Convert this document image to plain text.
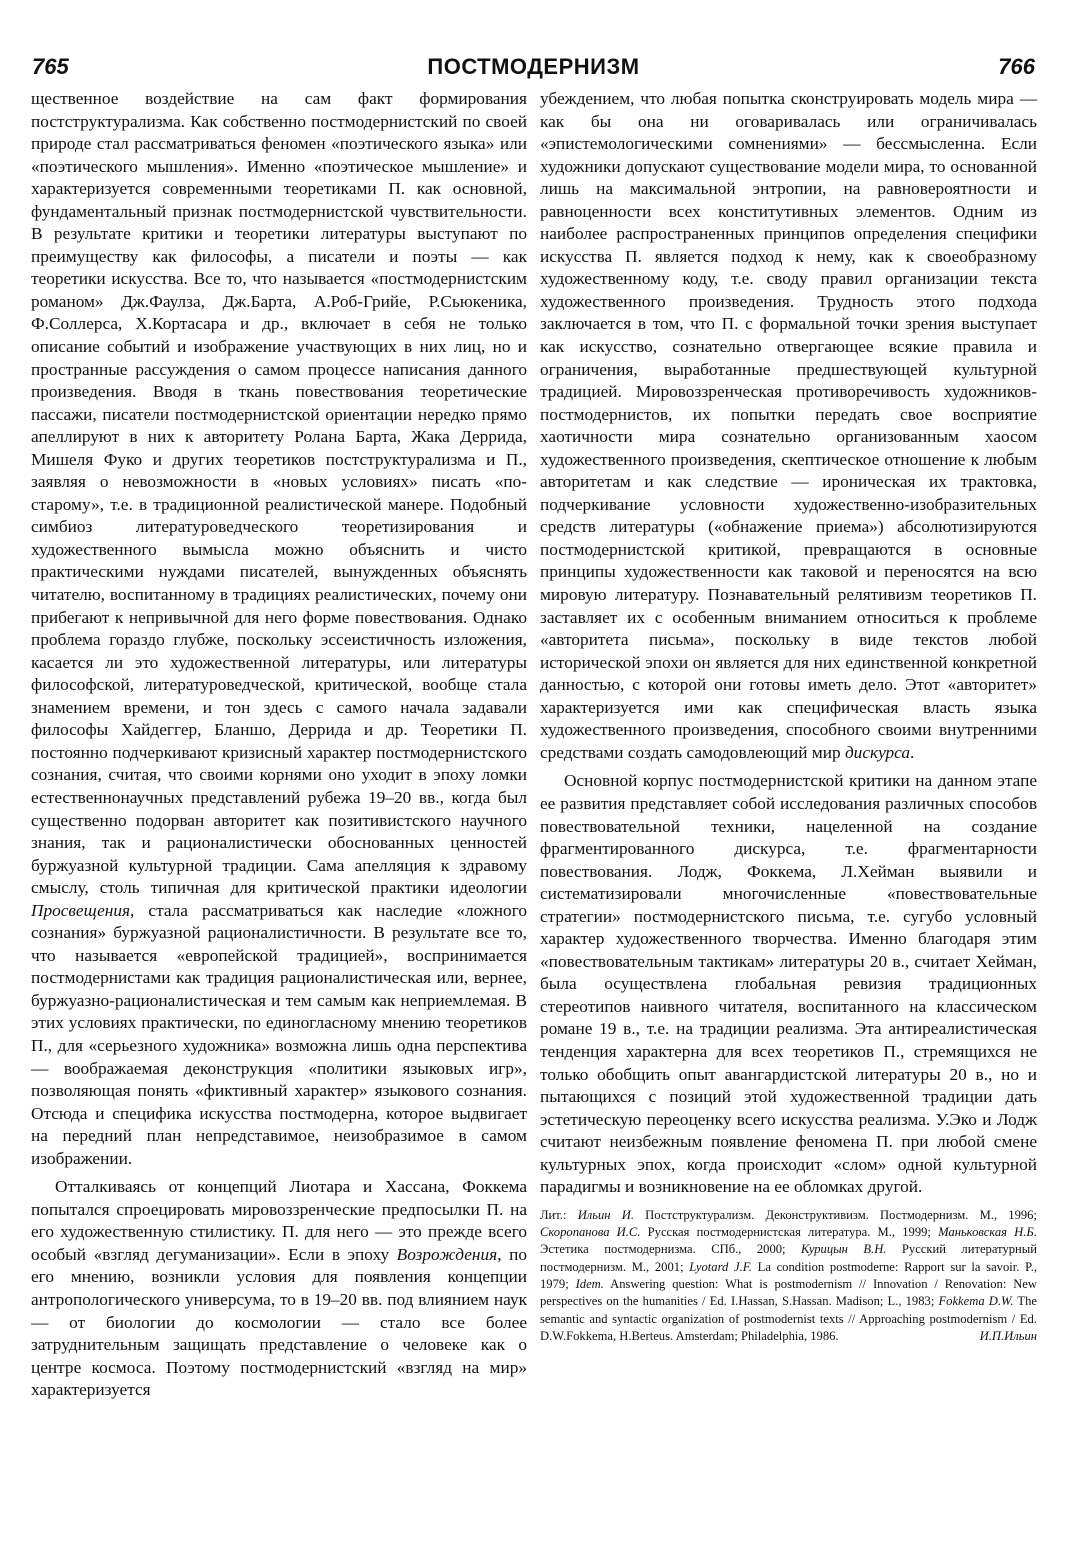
765	ПОСТМОДЕРНИЗМ	766

щественное воздействие на сам факт формирования постструктурализма. Как собственно постмодернистский по своей природе стал рассматриваться феномен «поэтического языка» или «поэтического мышления». Именно «поэтическое мышление» и характеризуется современными теоретиками П. как основной, фундаментальный признак постмодернистской чувствительности. В результате критики и теоретики литературы выступают по преимуществу как философы, а писатели и поэты — как теоретики искусства. Все то, что называется «постмодернистским романом» Дж.Фаулза, Дж.Барта, А.Роб-Грийе, Р.Сьюкеника, Ф.Соллерса, Х.Кортасара и др., включает в себя не только описание событий и изображение участвующих в них лиц, но и пространные рассуждения о самом процессе написания данного произведения. Вводя в ткань повествования теоретические пассажи, писатели постмодернистской ориентации нередко прямо апеллируют в них к авторитету Ролана Барта, Жака Деррида, Мишеля Фуко и других теоретиков постструктурализма и П., заявляя о невозможности в «новых условиях» писать «по-старому», т.е. в традиционной реалистической манере. Подобный симбиоз литературоведческого теоретизирования и художественного вымысла можно объяснить и чисто практическими нуждами писателей, вынужденных объяснять читателю, воспитанному в традициях реалистических, почему они прибегают к непривычной для него форме повествования. Однако проблема гораздо глубже, поскольку эссеистичность изложения, касается ли это художественной литературы, или литературы философской, литературоведческой, критической, вообще стала знамением времени, и тон здесь с самого начала задавали философы Хайдеггер, Бланшо, Деррида и др. Теоретики П. постоянно подчеркивают кризисный характер постмодернистского сознания, считая, что своими корнями оно уходит в эпоху ломки естественнонаучных представлений рубежа 19–20 вв., когда был существенно подорван авторитет как позитивистского научного знания, так и рационалистически обоснованных ценностей буржуазной культурной традиции. Сама апелляция к здравому смыслу, столь типичная для критической практики идеологии Просвещения, стала рассматриваться как наследие «ложного сознания» буржуазной рационалистичности. В результате все то, что называется «европейской традицией», воспринимается постмодернистами как традиция рационалистическая или, вернее, буржуазно-рационалистическая и тем самым как неприемлемая. В этих условиях практически, по единогласному мнению теоретиков П., для «серьезного художника» возможна лишь одна перспектива — воображаемая деконструкция «политики языковых игр», позволяющая понять «фиктивный характер» языкового сознания. Отсюда и специфика искусства постмодерна, которое выдвигает на передний план непредставимое, неизобразимое в самом изображении.

Отталкиваясь от концепций Лиотара и Хассана, Фоккема попытался спроецировать мировоззренческие предпосылки П. на его художественную стилистику. П. для него — это прежде всего особый «взгляд дегуманизации». Если в эпоху Возрождения, по его мнению, возникли условия для появления концепции антропологического универсума, то в 19–20 вв. под влиянием наук — от биологии до космологии — стало все более затруднительным защищать представление о человеке как о центре космоса. Поэтому постмодернистский «взгляд на мир» характеризуется

убеждением, что любая попытка сконструировать модель мира — как бы она ни оговаривалась или ограничивалась «эпистемологическими сомнениями» — бессмысленна. Если художники допускают существование модели мира, то основанной лишь на максимальной энтропии, на равновероятности и равноценности всех конститутивных элементов. Одним из наиболее распространенных принципов определения специфики искусства П. является подход к нему, как к своеобразному художественному коду, т.е. своду правил организации текста художественного произведения. Трудность этого подхода заключается в том, что П. с формальной точки зрения выступает как искусство, сознательно отвергающее всякие правила и ограничения, выработанные предшествующей культурной традицией. Мировоззренческая противоречивость художников-постмодернистов, их попытки передать свое восприятие хаотичности мира сознательно организованным хаосом художественного произведения, скептическое отношение к любым авторитетам и как следствие — ироническая их трактовка, подчеркивание условности художественно-изобразительных средств литературы («обнажение приема») абсолютизируются постмодернистской критикой, превращаются в основные принципы художественности как таковой и переносятся на всю мировую литературу. Познавательный релятивизм теоретиков П. заставляет их с особенным вниманием относиться к проблеме «авторитета письма», поскольку в виде текстов любой исторической эпохи он является для них единственной конкретной данностью, с которой они готовы иметь дело. Этот «авторитет» характеризуется ими как специфическая власть языка художественного произведения, способного своими внутренними средствами создать самодовлеющий мир дискурса.

Основной корпус постмодернистской критики на данном этапе ее развития представляет собой исследования различных способов повествовательной техники, нацеленной на создание фрагментированного дискурса, т.е. фрагментарности повествования. Лодж, Фоккема, Л.Хейман выявили и систематизировали многочисленные «повествовательные стратегии» постмодернистского письма, т.е. сугубо условный характер художественного творчества. Именно благодаря этим «повествовательным тактикам» литературы 20 в., считает Хейман, была осуществлена глобальная ревизия традиционных стереотипов наивного читателя, воспитанного на классическом романе 19 в., т.е. на традиции реализма. Эта антиреалистическая тенденция характерна для всех теоретиков П., стремящихся не только обобщить опыт авангардистской литературы 20 в., но и пытающихся с позиций этой художественной традиции дать эстетическую переоценку всего искусства реализма. У.Эко и Лодж считают неизбежным появление феномена П. при любой смене культурных эпох, когда происходит «слом» одной культурной парадигмы и возникновение на ее обломках другой.

Лит.: Ильин И. Постструктурализм. Деконструктивизм. Постмодернизм. М., 1996; Скоропанова И.С. Русская постмодернистская литература. М., 1999; Маньковская Н.Б. Эстетика постмодернизма. СПб., 2000; Курицын В.Н. Русский литературный постмодернизм. М., 2001; Lyotard J.F. La condition postmoderne: Rapport sur la savoir. P., 1979; Idem. Answering question: What is postmodernism // Innovation / Renovation: New perspectives on the humanities / Ed. I.Hassan, S.Hassan. Madison; L., 1983; Fokkema D.W. The semantic and syntactic organization of postmodernist texts // Approaching postmodernism / Ed. D.W.Fokkema, H.Berteus. Amsterdam; Philadelphia, 1986.	И.П.Ильин
